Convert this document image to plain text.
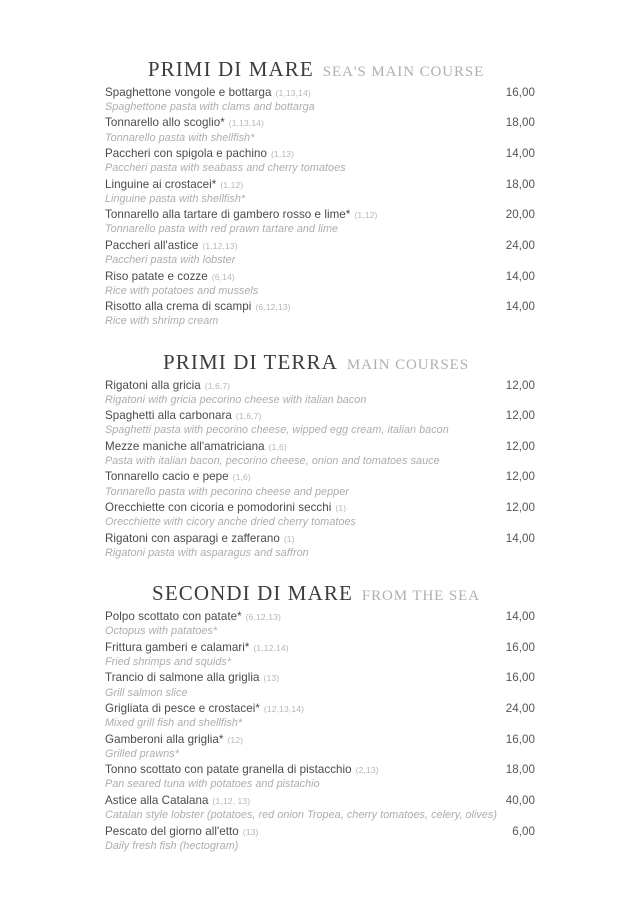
PRIMI DI MARE SEA'S MAIN COURSE
Spaghettone vongole e bottarga (1,13,14)	16,00
Spaghettone pasta with clams and bottarga
Tonnarello allo scoglio* (1,13,14)	18,00
Tonnarello pasta with shellfish*
Paccheri con spigola e pachino (1,13)	14,00
Paccheri pasta with seabass and cherry tomatoes
Linguine ai crostacei* (1,12)	18,00
Linguine pasta with shellfish*
Tonnarello alla tartare di gambero rosso e lime* (1,12)	20,00
Tonnarello pasta with red prawn tartare and lime
Paccheri all'astice (1,12,13)	24,00
Paccheri pasta with lobster
Riso patate e cozze (6,14)	14,00
Rice with potatoes and mussels
Risotto alla crema di scampi (6,12,13)	14,00
Rice with shrimp cream
PRIMI DI TERRA MAIN COURSES
Rigatoni alla gricia (1,6,7)	12,00
Rigatoni with gricia pecorino cheese with italian bacon
Spaghetti alla carbonara (1,6,7)	12,00
Spaghetti pasta with pecorino cheese, wipped egg cream, italian bacon
Mezze maniche all'amatriciana (1,6)	12,00
Pasta with italian bacon, pecorino cheese, onion and tomatoes sauce
Tonnarello cacio e pepe (1,6)	12,00
Tonnarello pasta with pecorino cheese and pepper
Orecchiette con cicoria e pomodorini secchi (1)	12,00
Orecchiette with cicory anche dried cherry tomatoes
Rigatoni con asparagi e zafferano (1)	14,00
Rigatoni pasta with asparagus and saffron
SECONDI DI MARE FROM THE SEA
Polpo scottato con patate* (6,12,13)	14,00
Octopus with patatoes*
Frittura gamberi e calamari* (1,12,14)	16,00
Fried shrimps and squids*
Trancio di salmone alla griglia (13)	16,00
Grill salmon slice
Grigliata di pesce e crostacei* (12,13,14)	24,00
Mixed grill fish and shellfish*
Gamberoni alla griglia* (12)	16,00
Grilled prawns*
Tonno scottato con patate granella di pistacchio (2,13)	18,00
Pan seared tuna with potatoes and pistachio
Astice alla Catalana (1,12, 13)	40,00
Catalan style lobster (potatoes, red onion Tropea, cherry tomatoes, celery, olives)
Pescato del giorno all'etto (13)	6,00
Daily fresh fish (hectogram)
